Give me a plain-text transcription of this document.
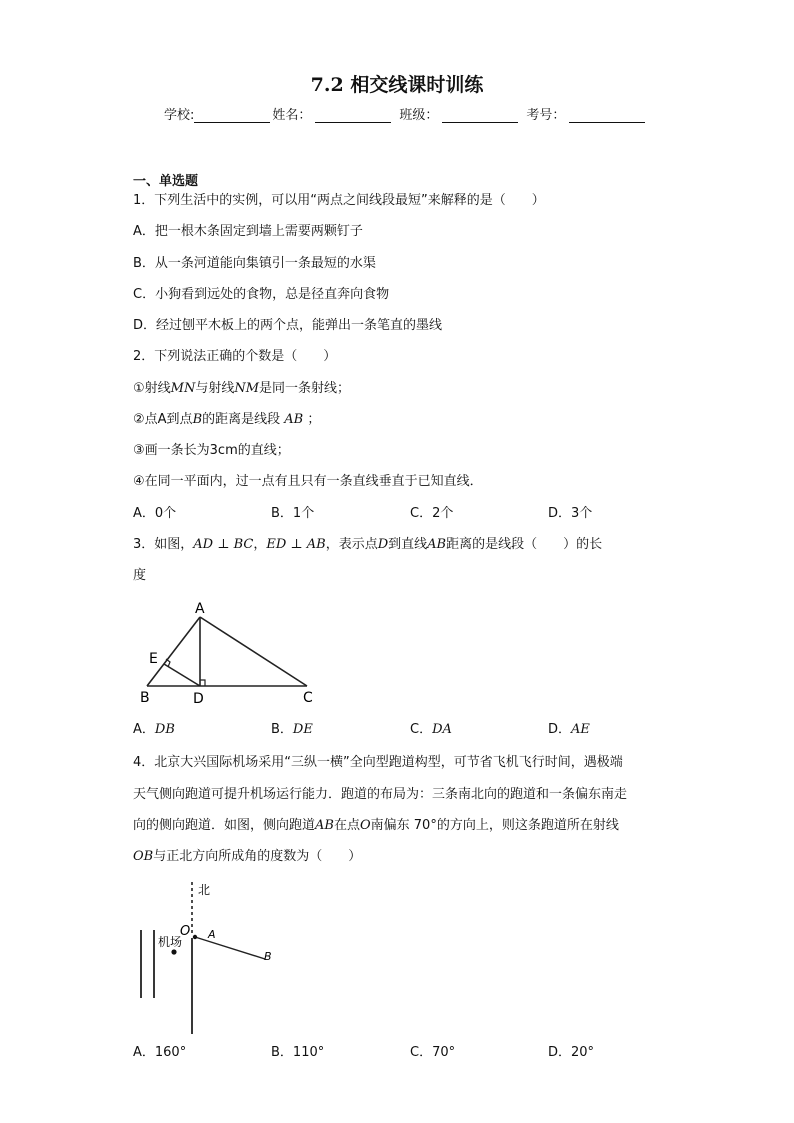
7.2 相交线课时训练
学校:	姓名：	班级：	考号：
一、单选题
1．下列生活中的实例，可以用“两点之间线段最短”来解释的是（　　）
A．把一根木条固定到墙上需要两颗钉子
B．从一条河道能向集镇引一条最短的水渠
C．小狗看到远处的食物，总是径直奔向食物
D．经过刨平木板上的两个点，能弹出一条笔直的墨线
2．下列说法正确的个数是（　　）
①射线MN与射线NM是同一条射线；
②点A到点B的距离是线段 AB ；
③画一条长为3cm的直线；
④在同一平面内，过一点有且只有一条直线垂直于已知直线．
A．0个	B．1个	C．2个	D．3个
3．如图，AD ⊥ BC，ED ⊥ AB，表示点D到直线AB距离的是线段（　　）的长
度
A
B	C
D
E
A．DB	B．DE	C．DA	D．AE
4．北京大兴国际机场采用“三纵一横”全向型跑道构型，可节省飞机飞行时间，遇极端
天气侧向跑道可提升机场运行能力．跑道的布局为：三条南北向的跑道和一条偏东南走
向的侧向跑道．如图，侧向跑道AB在点O南偏东 70°的方向上，则这条跑道所在射线
OB与正北方向所成角的度数为（　　）
北
机场
O A
B
A．160°	B．110°	C．70°	D．20°
